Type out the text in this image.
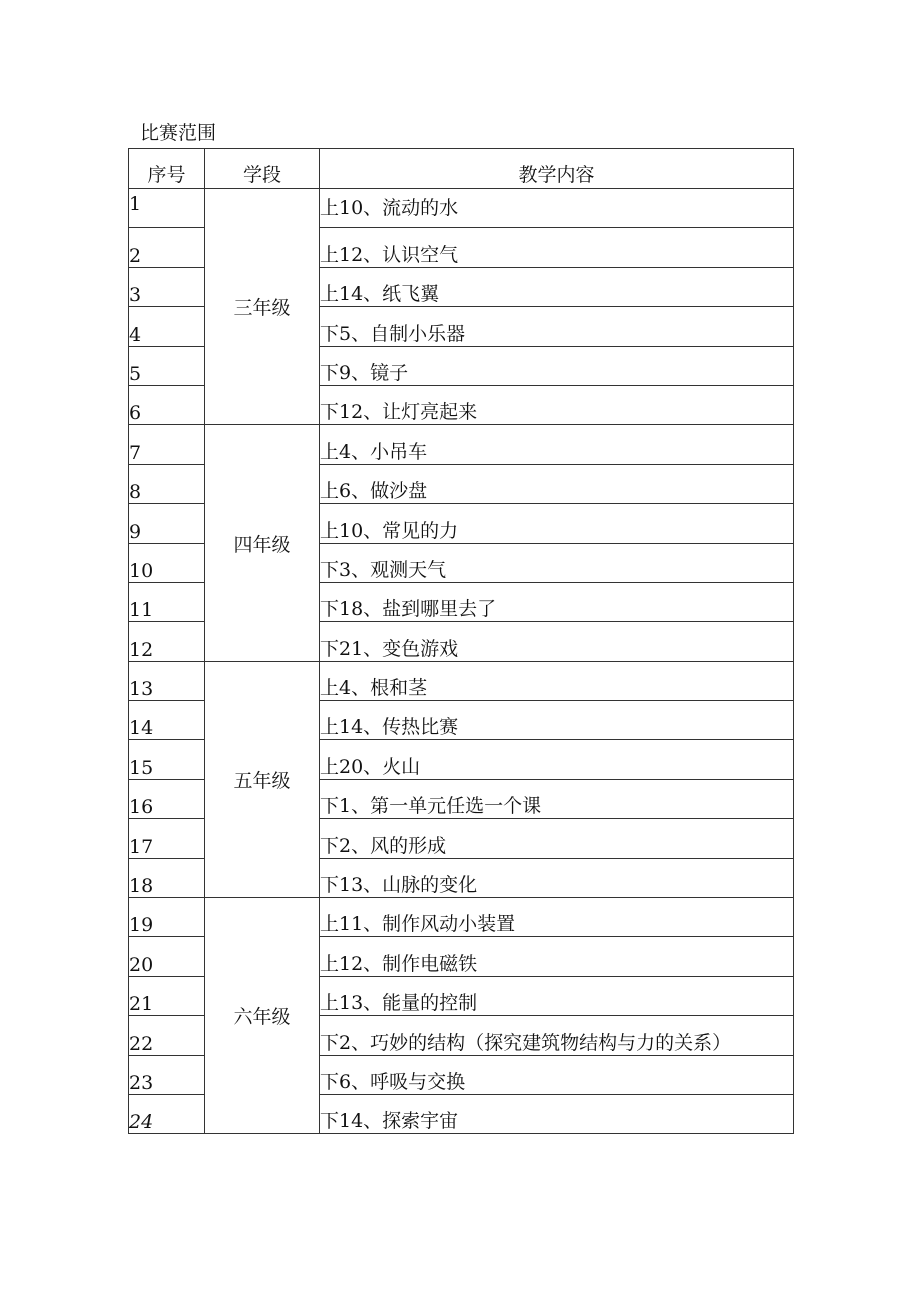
比赛范围
序号	学段	教学内容
1	三年级	上10、流动的水
2		上12、认识空气
3		上14、纸飞翼
4		下5、自制小乐器
5		下9、镜子
6		下12、让灯亮起来
7	四年级	上4、小吊车
8		上6、做沙盘
9		上10、常见的力
10		下3、观测天气
11		下18、盐到哪里去了
12		下21、变色游戏
13	五年级	上4、根和茎
14		上14、传热比赛
15		上20、火山
16		下1、第一单元任选一个课
17		下2、风的形成
18		下13、山脉的变化
19	六年级	上11、制作风动小装置
20		上12、制作电磁铁
21		上13、能量的控制
22		下2、巧妙的结构（探究建筑物结构与力的关系）
23		下6、呼吸与交换
24		下14、探索宇宙
